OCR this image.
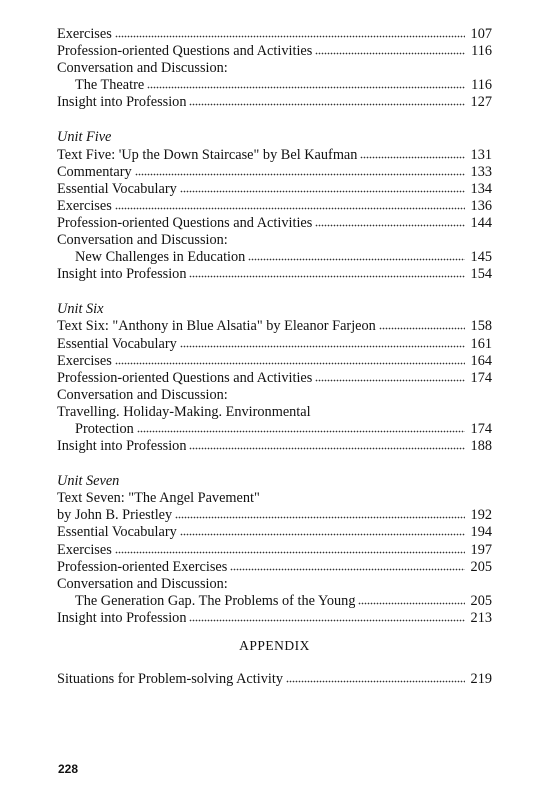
Exercises	107
Profession-oriented Questions and Activities	116
Conversation and Discussion:
The Theatre	116
Insight into Profession	127
Unit Five
Text Five: 'Up the Down Staircase" by Bel Kaufman	131
Commentary	133
Essential Vocabulary	134
Exercises	136
Profession-oriented Questions and Activities	144
Conversation and Discussion:
New Challenges in Education	145
Insight into Profession	154
Unit Six
Text Six: "Anthony in Blue Alsatia" by Eleanor Farjeon	158
Essential Vocabulary	161
Exercises	164
Profession-oriented Questions and Activities	174
Conversation and Discussion:
Travelling. Holiday-Making. Environmental
Protection	174
Insight into Profession	188
Unit Seven
Text Seven: "The Angel Pavement"
by John B. Priestley	192
Essential Vocabulary	194
Exercises	197
Profession-oriented Exercises	205
Conversation and Discussion:
The Generation Gap. The Problems of the Young	205
Insight into Profession	213
APPENDIX
Situations for Problem-solving Activity	219
228
